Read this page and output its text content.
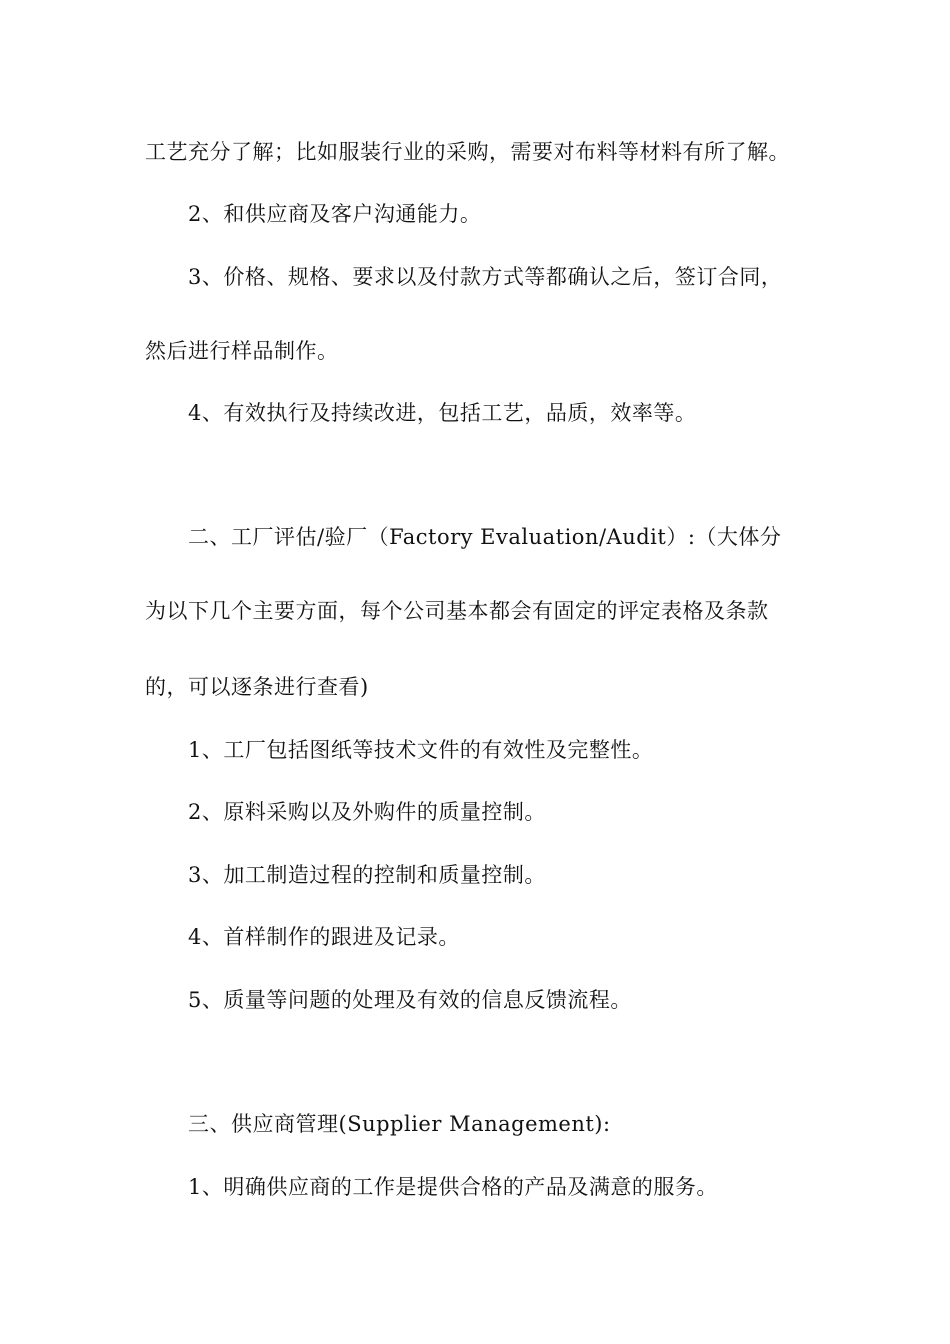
工艺充分了解；比如服装行业的采购，需要对布料等材料有所了解。
2、和供应商及客户沟通能力。
3、价格、规格、要求以及付款方式等都确认之后，签订合同，
然后进行样品制作。
4、有效执行及持续改进，包括工艺，品质，效率等。
二、工厂评估/验厂（Factory Evaluation/Audit）:（大体分
为以下几个主要方面，每个公司基本都会有固定的评定表格及条款
的，可以逐条进行查看)
1、工厂包括图纸等技术文件的有效性及完整性。
2、原料采购以及外购件的质量控制。
3、加工制造过程的控制和质量控制。
4、首样制作的跟进及记录。
5、质量等问题的处理及有效的信息反馈流程。
三、供应商管理(Supplier Management):
1、明确供应商的工作是提供合格的产品及满意的服务。
